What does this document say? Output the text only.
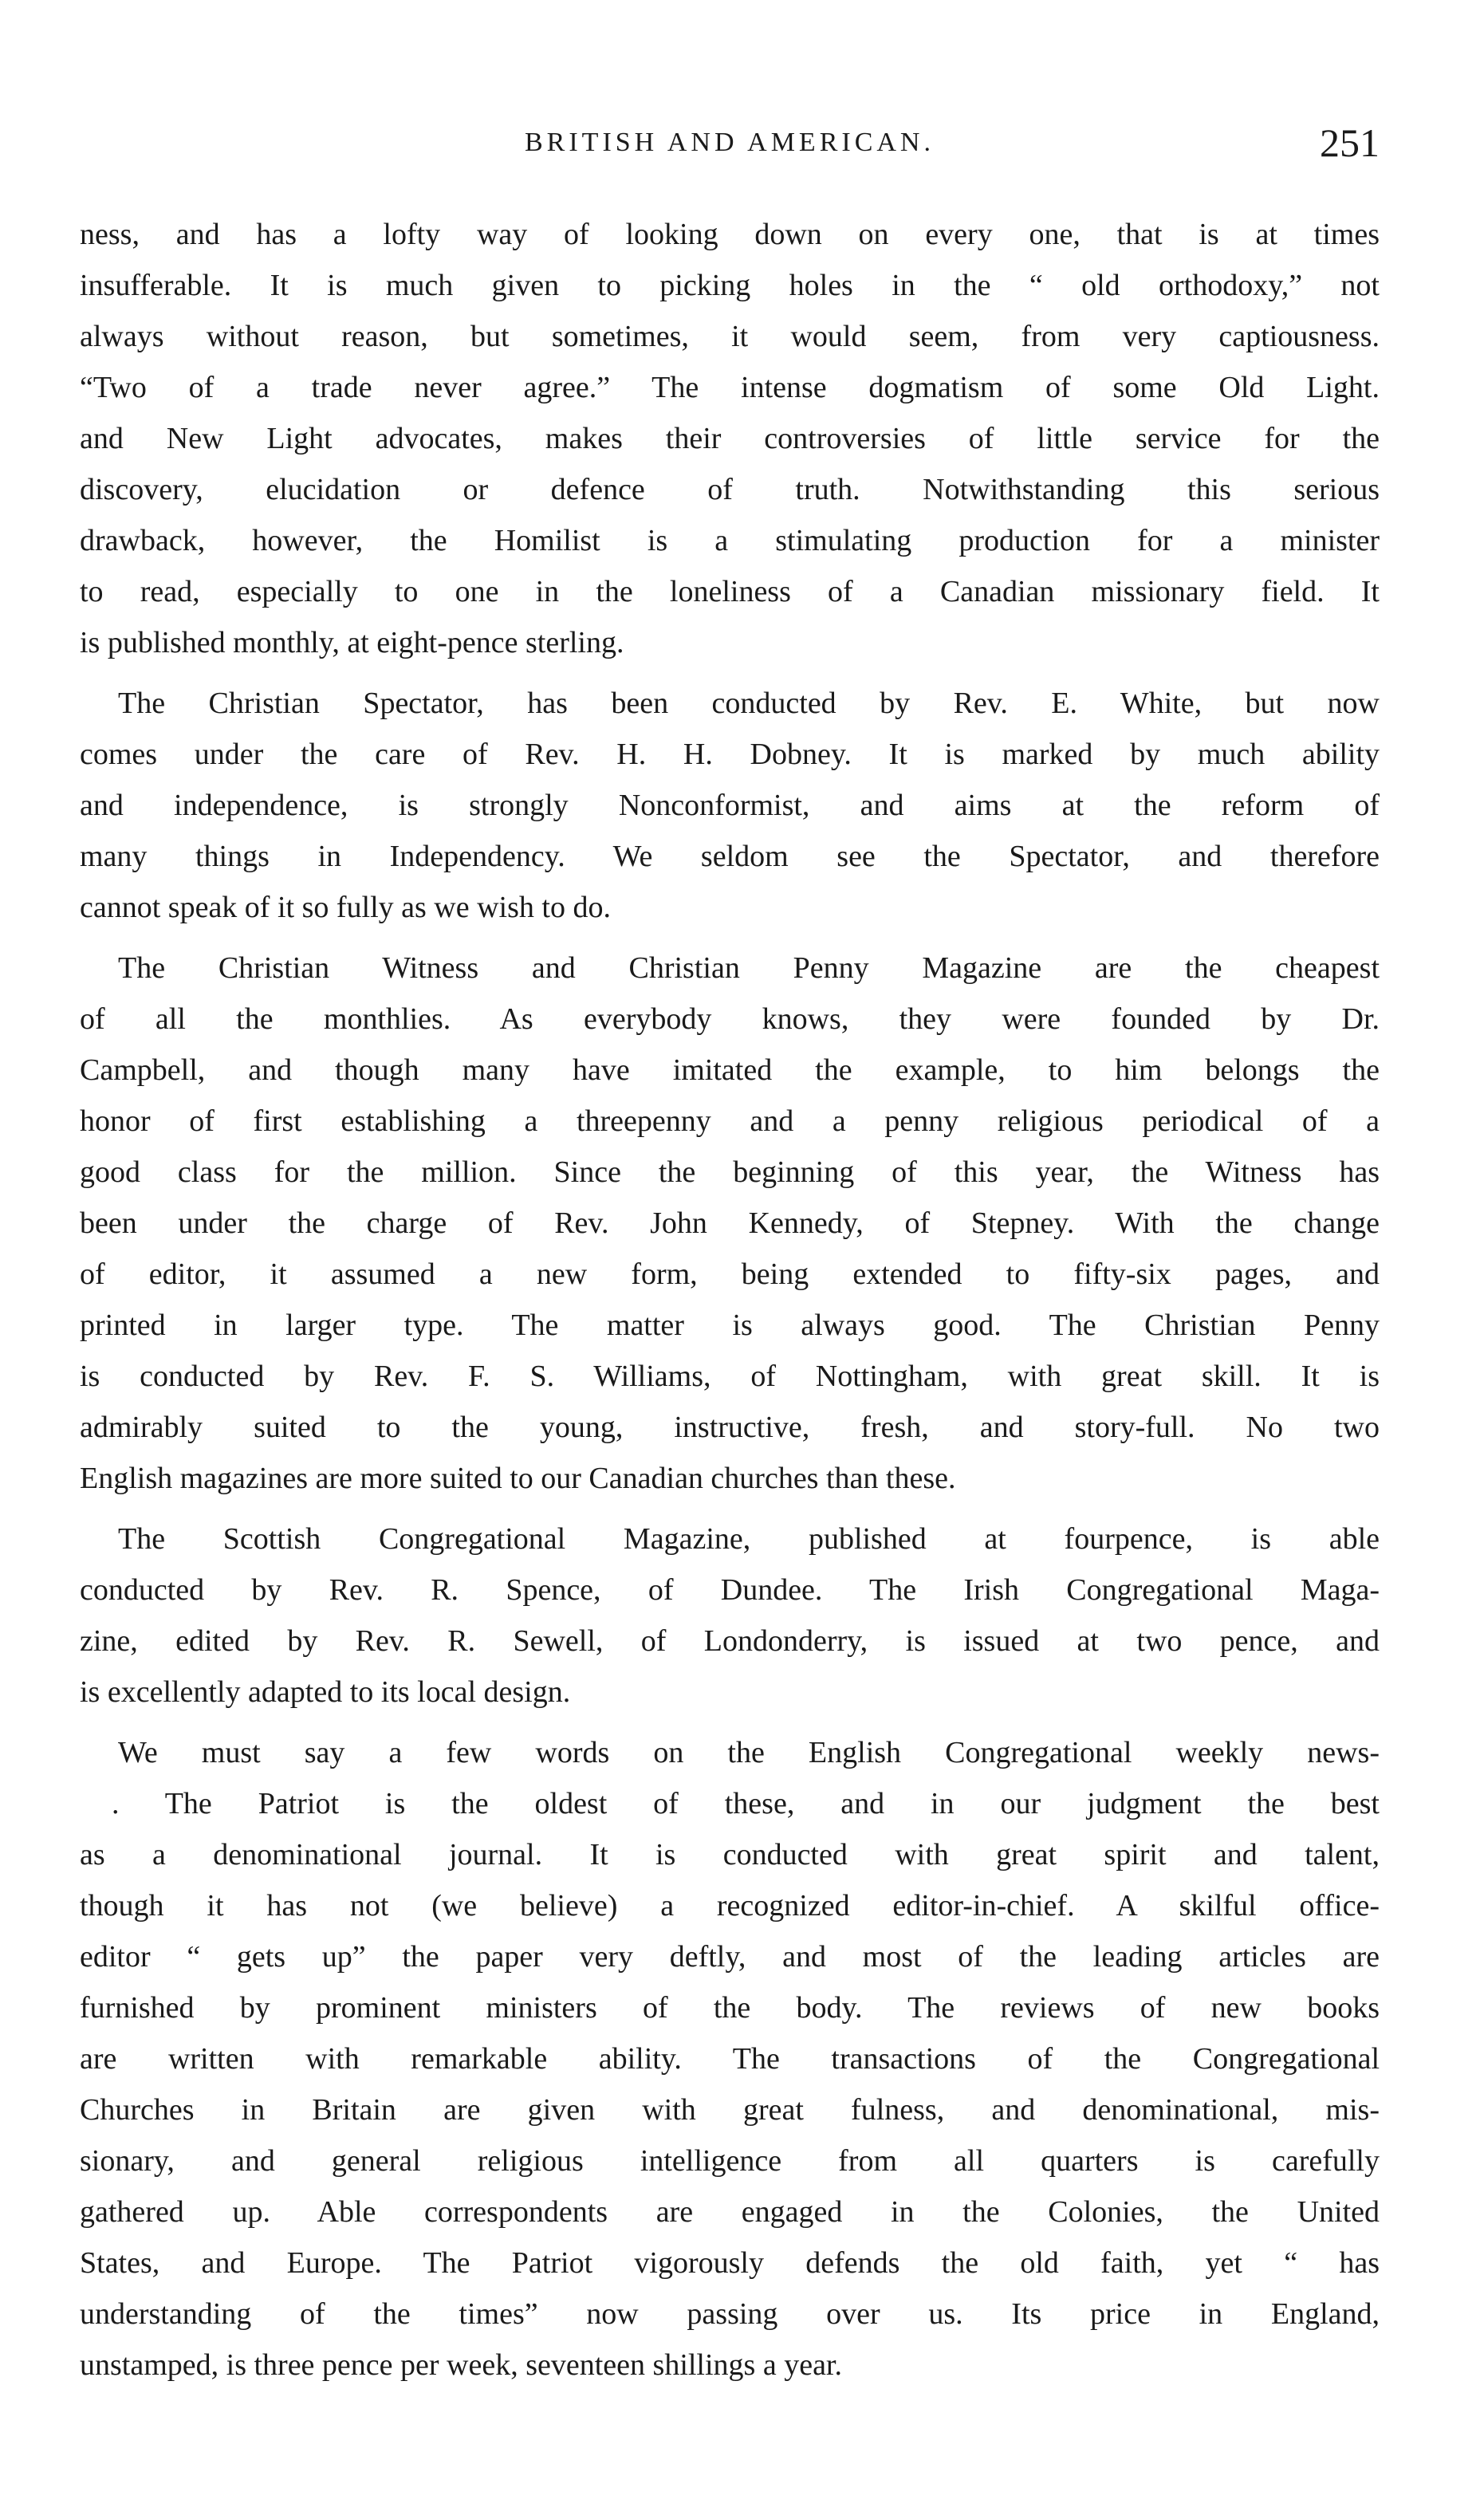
BRITISH AND AMERICAN.	251
ness, and has a lofty way of looking down on every one, that is at times
insufferable. It is much given to picking holes in the “ old orthodoxy,” not
always without reason, but sometimes, it would seem, from very captiousness.
“Two of a trade never agree.” The intense dogmatism of some Old Light.
and New Light advocates, makes their controversies of little service for the
discovery, elucidation or defence of truth. Notwithstanding this serious
drawback, however, the Homilist is a stimulating production for a minister
to read, especially to one in the loneliness of a Canadian missionary field. It
is published monthly, at eight-pence sterling.
The Christian Spectator, has been conducted by Rev. E. White, but now
comes under the care of Rev. H. H. Dobney. It is marked by much ability
and independence, is strongly Nonconformist, and aims at the reform of
many things in Independency. We seldom see the Spectator, and therefore
cannot speak of it so fully as we wish to do.
The Christian Witness and Christian Penny Magazine are the cheapest
of all the monthlies. As everybody knows, they were founded by Dr.
Campbell, and though many have imitated the example, to him belongs the
honor of first establishing a threepenny and a penny religious periodical of a
good class for the million. Since the beginning of this year, the Witness has
been under the charge of Rev. John Kennedy, of Stepney. With the change
of editor, it assumed a new form, being extended to fifty-six pages, and
printed in larger type. The matter is always good. The Christian Penny
is conducted by Rev. F. S. Williams, of Nottingham, with great skill. It is
admirably suited to the young, instructive, fresh, and story-full. No two
English magazines are more suited to our Canadian churches than these.
The Scottish Congregational Magazine, published at fourpence, is able
conducted by Rev. R. Spence, of Dundee. The Irish Congregational Maga-
zine, edited by Rev. R. Sewell, of Londonderry, is issued at two pence, and
is excellently adapted to its local design.
We must say a few words on the English Congregational weekly news-
. The Patriot is the oldest of these, and in our judgment the best
as a denominational journal. It is conducted with great spirit and talent,
though it has not (we believe) a recognized editor-in-chief. A skilful office-
editor “ gets up” the paper very deftly, and most of the leading articles are
furnished by prominent ministers of the body. The reviews of new books
are written with remarkable ability. The transactions of the Congregational
Churches in Britain are given with great fulness, and denominational, mis-
sionary, and general religious intelligence from all quarters is carefully
gathered up. Able correspondents are engaged in the Colonies, the United
States, and Europe. The Patriot vigorously defends the old faith, yet “ has
understanding of the times” now passing over us. Its price in England,
unstamped, is three pence per week, seventeen shillings a year.
